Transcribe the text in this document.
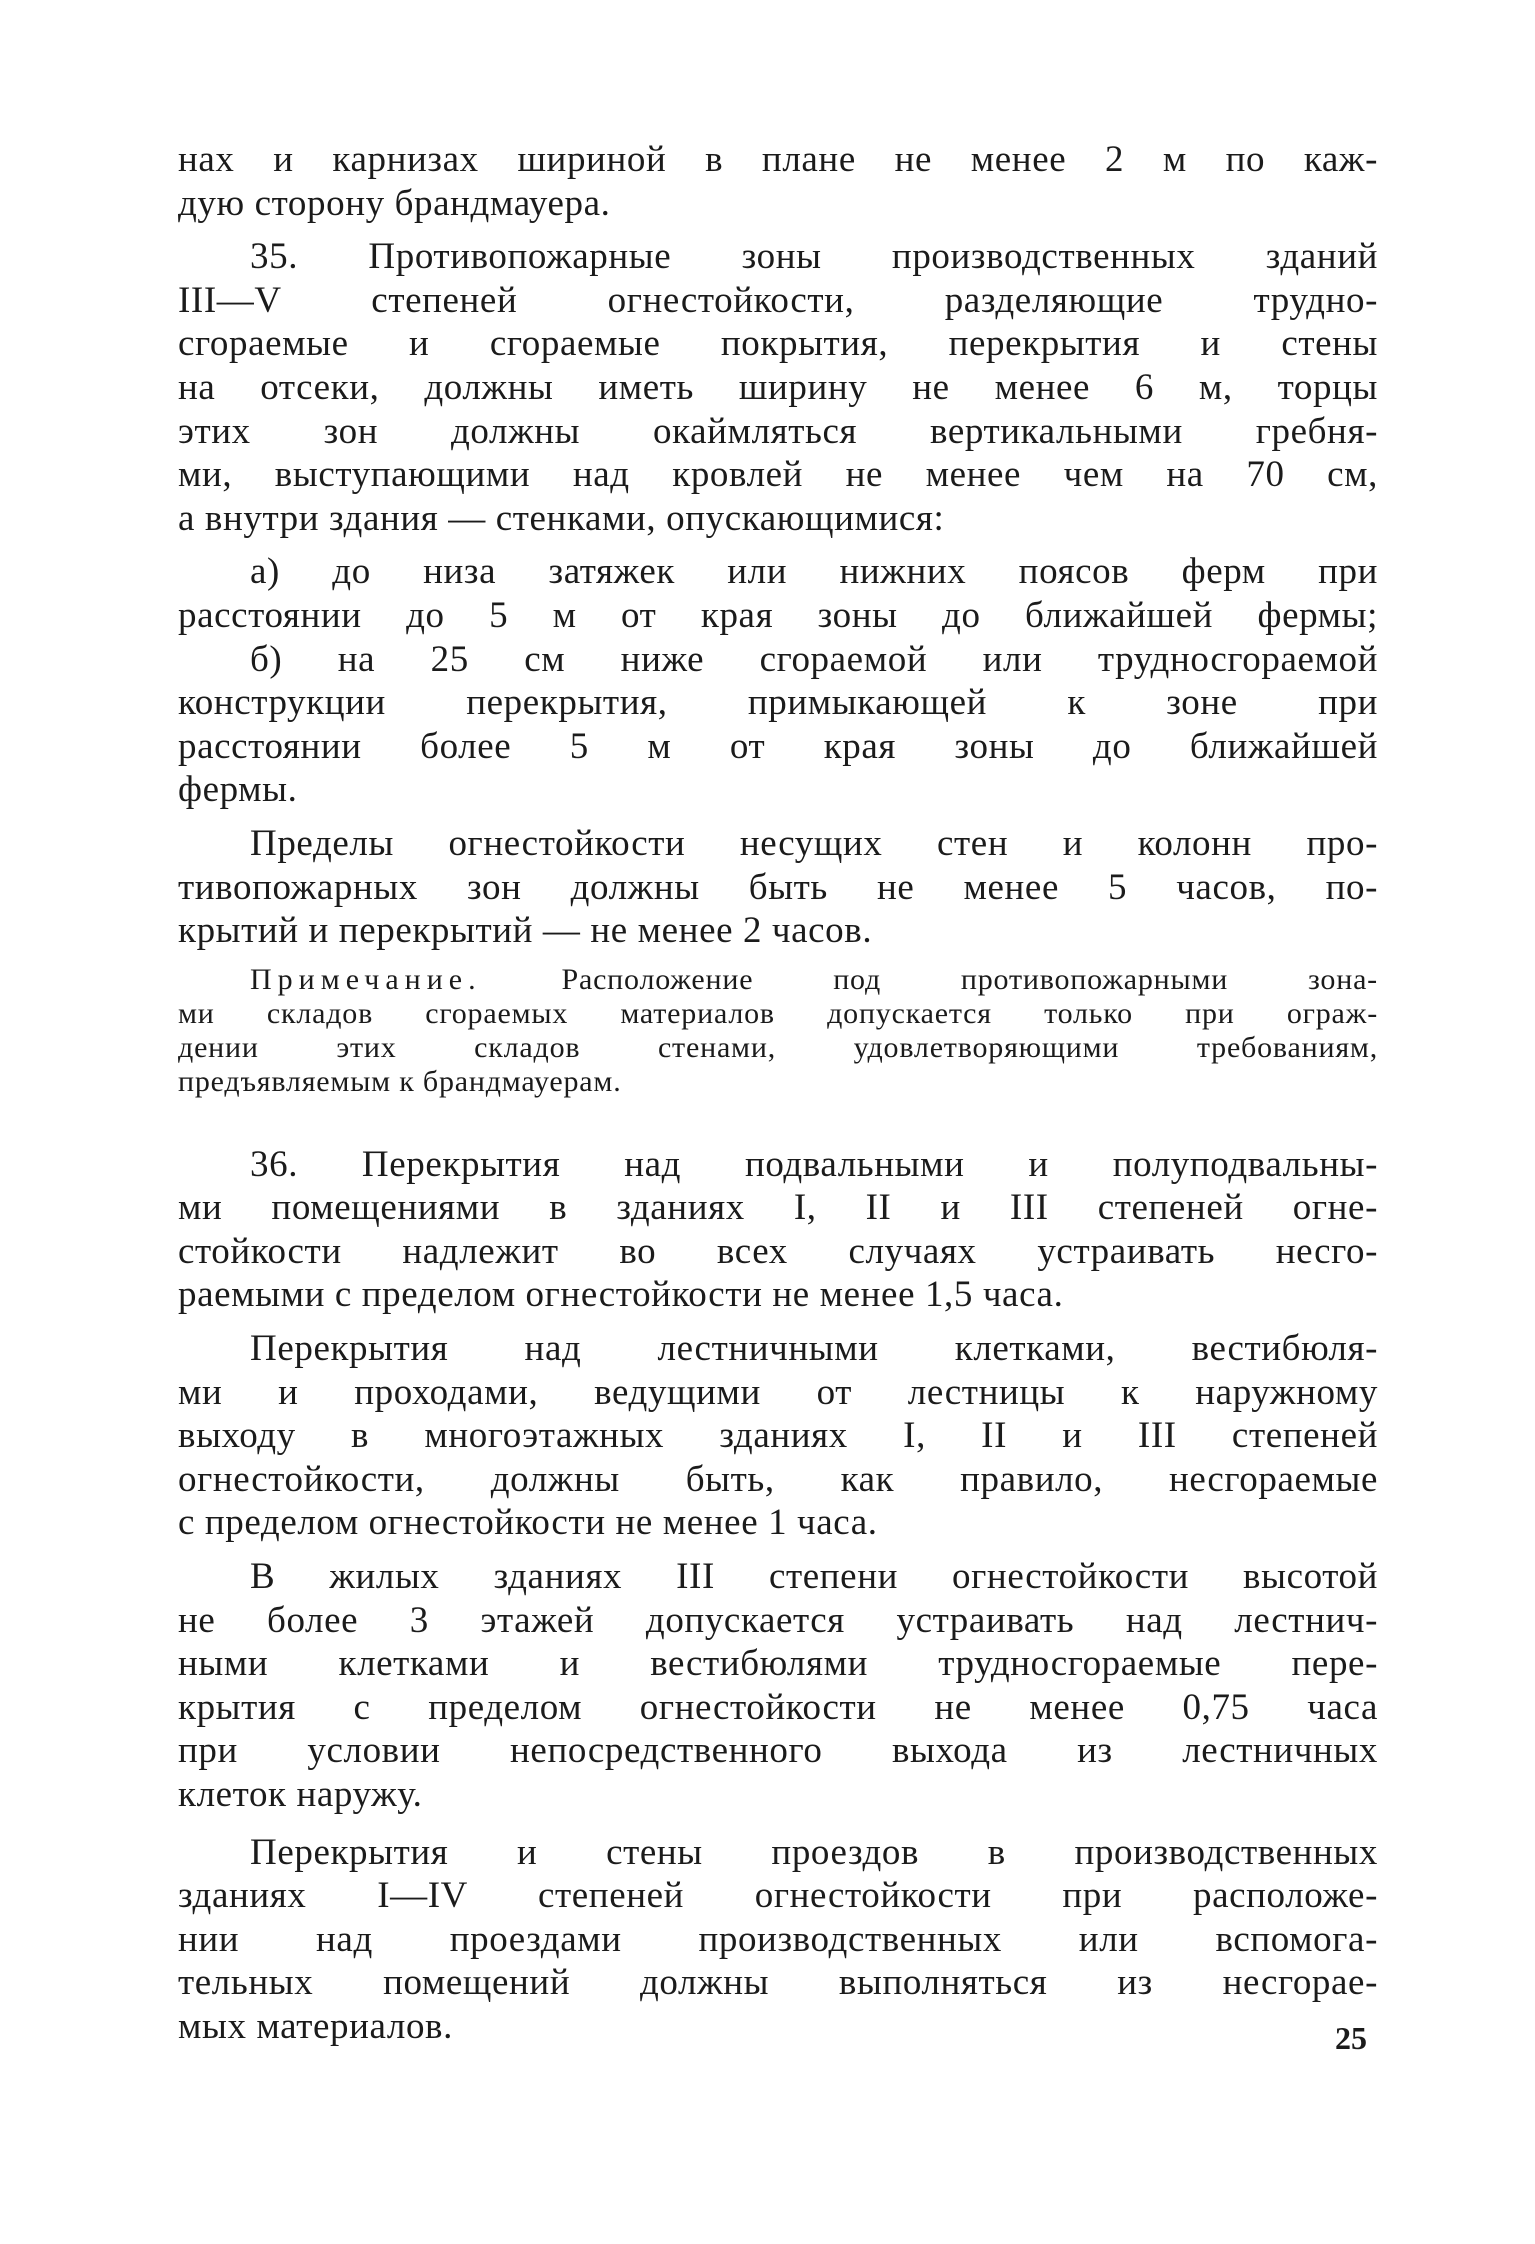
нах и карнизах шириной в плане не менее 2 м по каж-
дую сторону брандмауера.
35. Противопожарные зоны производственных зданий
III—V степеней огнестойкости, разделяющие трудно-
сгораемые и сгораемые покрытия, перекрытия и стены
на отсеки, должны иметь ширину не менее 6 м, торцы
этих зон должны окаймляться вертикальными гребня-
ми, выступающими над кровлей не менее чем на 70 см,
а внутри здания — стенками, опускающимися:
а) до низа затяжек или нижних поясов ферм при
расстоянии до 5 м от края зоны до ближайшей фермы;
б) на 25 см ниже сгораемой или трудносгораемой
конструкции перекрытия, примыкающей к зоне при
расстоянии более 5 м от края зоны до ближайшей
фермы.
Пределы огнестойкости несущих стен и колонн про-
тивопожарных зон должны быть не менее 5 часов, по-
крытий и перекрытий — не менее 2 часов.
Примечание.	Расположение под противопожарными зона-
ми складов сгораемых материалов допускается только при ограж-
дении этих складов стенами, удовлетворяющими требованиям,
предъявляемым к брандмауерам.
36. Перекрытия над подвальными и полуподвальны-
ми помещениями в зданиях I, II и III степеней огне-
стойкости надлежит во всех случаях устраивать несго-
раемыми с пределом огнестойкости не менее 1,5 часа.
Перекрытия над лестничными клетками, вестибюля-
ми и проходами, ведущими от лестницы к наружному
выходу в многоэтажных зданиях I, II и III степеней
огнестойкости, должны быть, как правило, несгораемые
с пределом огнестойкости не менее 1 часа.
В жилых зданиях III степени огнестойкости высотой
не более 3 этажей допускается устраивать над лестнич-
ными клетками и вестибюлями трудносгораемые пере-
крытия с пределом огнестойкости не менее 0,75 часа
при условии непосредственного выхода из лестничных
клеток наружу.
Перекрытия и стены проездов в производственных
зданиях I—IV степеней огнестойкости при расположе-
нии над проездами производственных или вспомога-
тельных помещений должны выполняться из несгорае-
мых материалов.	25
